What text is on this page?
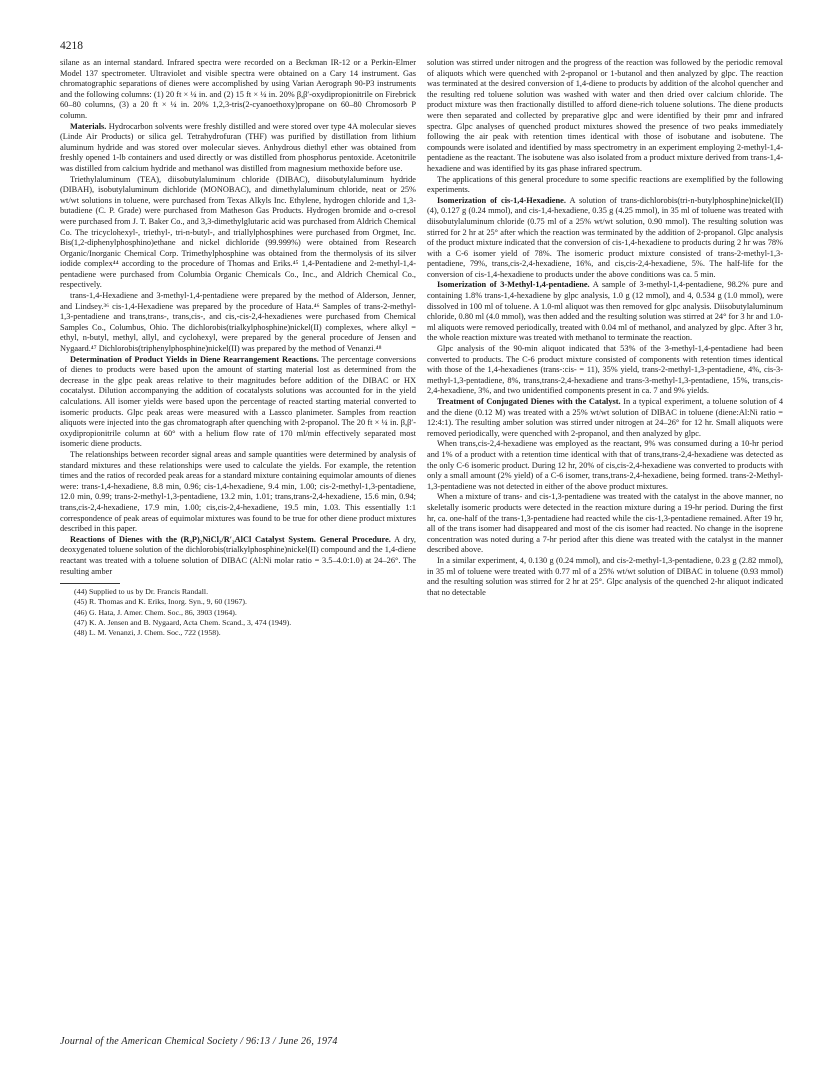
4218

silane as an internal standard. Infrared spectra were recorded on a Beckman IR-12 or a Perkin-Elmer Model 137 spectrometer. Ultraviolet and visible spectra were obtained on a Cary 14 instrument. Gas chromatographic separations of dienes were accomplished by using Varian Aerograph 90-P3 instruments and the following columns: (1) 20 ft × ¼ in. and (2) 15 ft × ¼ in. 20% β,β′-oxydipropionitrile on Firebrick 60–80 columns, (3) a 20 ft × ¼ in. 20% 1,2,3-tris(2-cyanoethoxy)propane on 60–80 Chromosorb P column.

Materials. Hydrocarbon solvents were freshly distilled and were stored over type 4A molecular sieves (Linde Air Products) or silica gel. Tetrahydrofuran (THF) was purified by distillation from lithium aluminum hydride and was stored over molecular sieves. Anhydrous diethyl ether was obtained from freshly opened 1-lb containers and used directly or was distilled from phosphorus pentoxide. Acetonitrile was distilled from calcium hydride and methanol was distilled from magnesium methoxide before use.

Triethylaluminum (TEA), diisobutylaluminum chloride (DIBAC), diisobutylaluminum hydride (DIBAH), isobutylaluminum dichloride (MONOBAC), and dimethylaluminum chloride, neat or 25% wt/wt solutions in toluene, were purchased from Texas Alkyls Inc. Ethylene, hydrogen chloride and 1,3-butadiene (C. P. Grade) were purchased from Matheson Gas Products. Hydrogen bromide and o-cresol were purchased from J. T. Baker Co., and 3,3-dimethylglutaric acid was purchased from Aldrich Chemical Co. The tricyclohexyl-, triethyl-, tri-n-butyl-, and triallylphosphines were purchased from Orgmet, Inc. Bis(1,2-diphenylphosphino)ethane and nickel dichloride (99.999%) were obtained from Research Organic/Inorganic Chemical Corp. Trimethylphosphine was obtained from the thermolysis of its silver iodide complex⁴⁴ according to the procedure of Thomas and Eriks.⁴⁵ 1,4-Pentadiene and 2-methyl-1,4-pentadiene were purchased from Columbia Organic Chemicals Co., Inc., and Aldrich Chemical Co., respectively.

trans-1,4-Hexadiene and 3-methyl-1,4-pentadiene were prepared by the method of Alderson, Jenner, and Lindsey.³⁶ cis-1,4-Hexadiene was prepared by the procedure of Hata.⁴⁶ Samples of trans-2-methyl-1,3-pentadiene and trans,trans-, trans,cis-, and cis,-cis-2,4-hexadienes were purchased from Chemical Samples Co., Columbus, Ohio. The dichlorobis(trialkylphosphine)nickel(II) complexes, where alkyl = ethyl, n-butyl, methyl, allyl, and cyclohexyl, were prepared by the general procedure of Jensen and Nygaard.⁴⁷ Dichlorobis(triphenylphosphine)nickel(II) was prepared by the method of Venanzi.⁴⁸

Determination of Product Yields in Diene Rearrangement Reactions. The percentage conversions of dienes to products were based upon the amount of starting material lost as determined from the decrease in the glpc peak areas relative to their magnitudes before addition of the DIBAC or HX cocatalyst. Dilution accompanying the addition of cocatalysts solutions was accounted for in the yield calculations. All isomer yields were based upon the percentage of reacted starting material converted to isomeric products. Glpc peak areas were measured with a Lassco planimeter. Samples from reaction aliquots were injected into the gas chromatograph after quenching with 2-propanol. The 20 ft × ¼ in. β,β′-oxydipropionitrile column at 60° with a helium flow rate of 170 ml/min effectively separated most isomeric diene products.

The relationships between recorder signal areas and sample quantities were determined by analysis of standard mixtures and these relationships were used to calculate the yields. For example, the retention times and the ratios of recorded peak areas for a standard mixture containing equimolar amounts of dienes were: trans-1,4-hexadiene, 8.8 min, 0.96; cis-1,4-hexadiene, 9.4 min, 1.00; cis-2-methyl-1,3-pentadiene, 12.0 min, 0.99; trans-2-methyl-1,3-pentadiene, 13.2 min, 1.01; trans,trans-2,4-hexadiene, 15.6 min, 0.94; trans,cis-2,4-hexadiene, 17.9 min, 1.00; cis,cis-2,4-hexadiene, 19.5 min, 1.03. This essentially 1:1 correspondence of peak areas of equimolar mixtures was found to be true for other diene product mixtures described in this paper.

Reactions of Dienes with the (R₃P)₂NiCl₂/R′₂AlCl Catalyst System. General Procedure. A dry, deoxygenated toluene solution of the dichlorobis(trialkylphosphine)nickel(II) compound and the 1,4-diene reactant was treated with a toluene solution of DIBAC (Al:Ni molar ratio = 3.5–4.0:1.0) at 24–26°. The resulting amber

(44) Supplied to us by Dr. Francis Randall.
(45) R. Thomas and K. Eriks, Inorg. Syn., 9, 60 (1967).
(46) G. Hata, J. Amer. Chem. Soc., 86, 3903 (1964).
(47) K. A. Jensen and B. Nygaard, Acta Chem. Scand., 3, 474 (1949).
(48) L. M. Venanzi, J. Chem. Soc., 722 (1958).

solution was stirred under nitrogen and the progress of the reaction was followed by the periodic removal of aliquots which were quenched with 2-propanol or 1-butanol and then analyzed by glpc. The reaction was terminated at the desired conversion of 1,4-diene to products by addition of the alcohol quencher and the resulting red toluene solution was washed with water and then dried over calcium chloride. The product mixture was then fractionally distilled to afford diene-rich toluene solutions. The diene products were then separated and collected by preparative glpc and were identified by their pmr and infrared spectra. Glpc analyses of quenched product mixtures showed the presence of two peaks immediately following the air peak with retention times identical with those of isobutane and isobutene. The compounds were isolated and identified by mass spectrometry in an experiment employing 2-methyl-1,4-pentadiene as the reactant. The isobutene was also isolated from a product mixture derived from trans-1,4-hexadiene and was identified by its gas phase infrared spectrum.

The applications of this general procedure to some specific reactions are exemplified by the following experiments.

Isomerization of cis-1,4-Hexadiene. A solution of trans-dichlorobis(tri-n-butylphosphine)nickel(II) (4), 0.127 g (0.24 mmol), and cis-1,4-hexadiene, 0.35 g (4.25 mmol), in 35 ml of toluene was treated with diisobutylaluminum chloride (0.75 ml of a 25% wt/wt solution, 0.90 mmol). The resulting solution was stirred for 2 hr at 25° after which the reaction was terminated by the addition of 2-propanol. Glpc analysis of the product mixture indicated that the conversion of cis-1,4-hexadiene to products during 2 hr was 78% with a C-6 isomer yield of 78%. The isomeric product mixture consisted of trans-2-methyl-1,3-pentadiene, 79%, trans,cis-2,4-hexadiene, 16%, and cis,cis-2,4-hexadiene, 5%. The half-life for the conversion of cis-1,4-hexadiene to products under the above conditions was ca. 5 min.

Isomerization of 3-Methyl-1,4-pentadiene. A sample of 3-methyl-1,4-pentadiene, 98.2% pure and containing 1.8% trans-1,4-hexadiene by glpc analysis, 1.0 g (12 mmol), and 4, 0.534 g (1.0 mmol), were dissolved in 100 ml of toluene. A 1.0-ml aliquot was then removed for glpc analysis. Diisobutylaluminum chloride, 0.80 ml (4.0 mmol), was then added and the resulting solution was stirred at 24° for 3 hr and 1.0-ml aliquots were removed periodically, treated with 0.04 ml of methanol, and analyzed by glpc. After 3 hr, the whole reaction mixture was treated with methanol to terminate the reaction.

Glpc analysis of the 90-min aliquot indicated that 53% of the 3-methyl-1,4-pentadiene had been converted to products. The C-6 product mixture consisted of components with retention times identical with those of the 1,4-hexadienes (trans-:cis- = 11), 35% yield, trans-2-methyl-1,3-pentadiene, 4%, cis-3-methyl-1,3-pentadiene, 8%, trans,trans-2,4-hexadiene and trans-3-methyl-1,3-pentadiene, 15%, trans,cis-2,4-hexadiene, 3%, and two unidentified components present in ca. 7 and 9% yields.

Treatment of Conjugated Dienes with the Catalyst. In a typical experiment, a toluene solution of 4 and the diene (0.12 M) was treated with a 25% wt/wt solution of DIBAC in toluene (diene:Al:Ni ratio = 12:4:1). The resulting amber solution was stirred under nitrogen at 24–26° for 12 hr. Small aliquots were removed periodically, were quenched with 2-propanol, and then analyzed by glpc.

When trans,cis-2,4-hexadiene was employed as the reactant, 9% was consumed during a 10-hr period and 1% of a product with a retention time identical with that of trans,trans-2,4-hexadiene was detected as the only C-6 isomeric product. During 12 hr, 20% of cis,cis-2,4-hexadiene was converted to products with only a small amount (2% yield) of a C-6 isomer, trans,trans-2,4-hexadiene, being formed. trans-2-Methyl-1,3-pentadiene was not detected in either of the above product mixtures.

When a mixture of trans- and cis-1,3-pentadiene was treated with the catalyst in the above manner, no skeletally isomeric products were detected in the reaction mixture during a 19-hr period. During the first hr, ca. one-half of the trans-1,3-pentadiene had reacted while the cis-1,3-pentadiene remained. After 19 hr, all of the trans isomer had disappeared and most of the cis isomer had reacted. No change in the isoprene concentration was noted during a 7-hr period after this diene was treated with the catalyst in the manner described above.

In a similar experiment, 4, 0.130 g (0.24 mmol), and cis-2-methyl-1,3-pentadiene, 0.23 g (2.82 mmol), in 35 ml of toluene were treated with 0.77 ml of a 25% wt/wt solution of DIBAC in toluene (0.93 mmol) and the resulting solution was stirred for 2 hr at 25°. Glpc analysis of the quenched 2-hr aliquot indicated that no detectable

Journal of the American Chemical Society / 96:13 / June 26, 1974
